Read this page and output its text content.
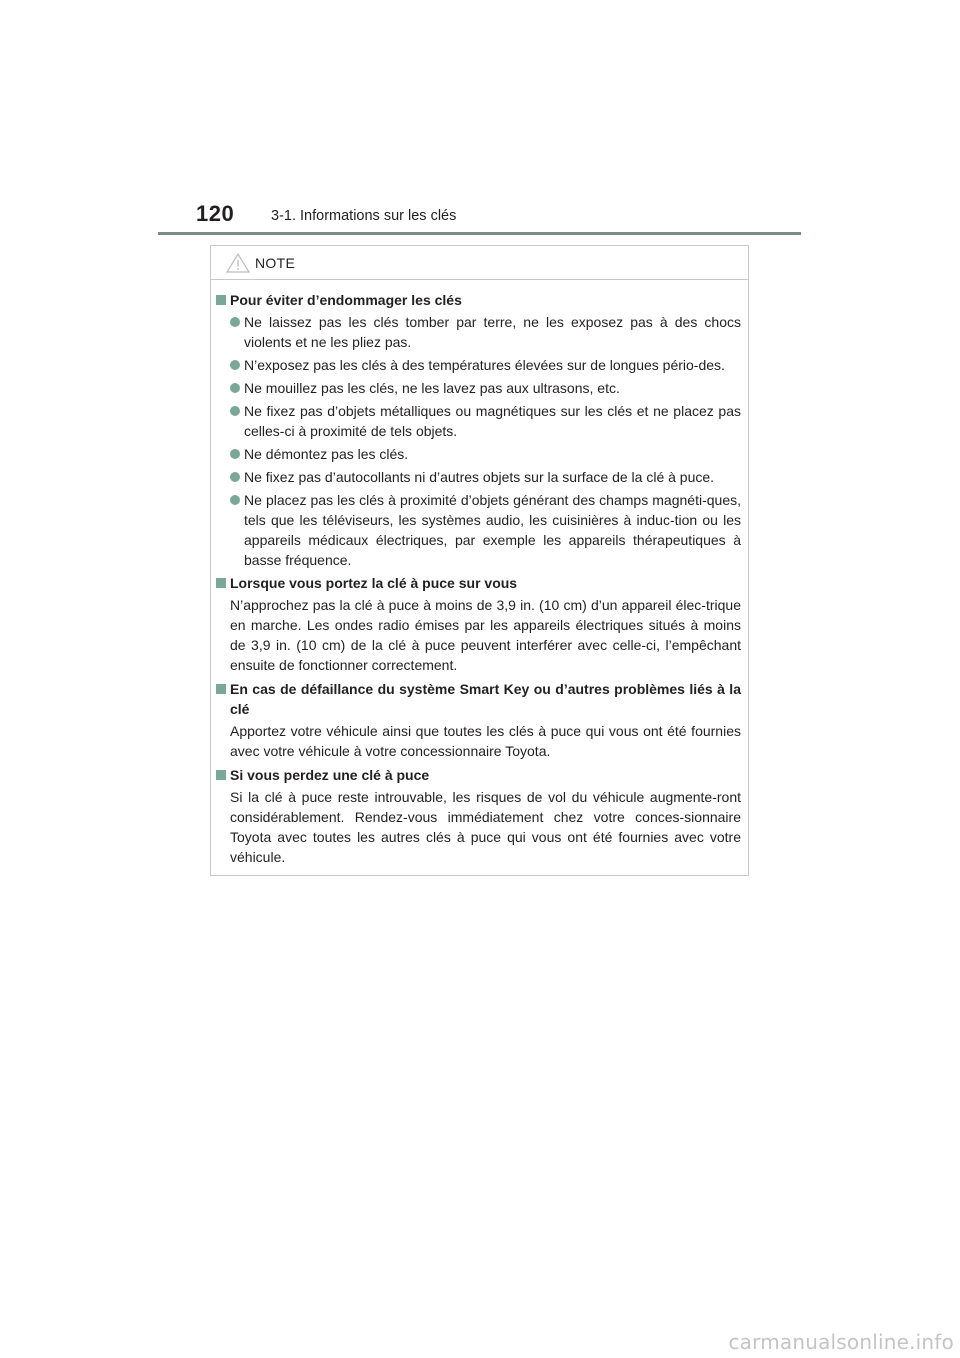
120	3-1. Informations sur les clés
NOTE
Pour éviter d’endommager les clés
Ne laissez pas les clés tomber par terre, ne les exposez pas à des chocs violents et ne les pliez pas.
N’exposez pas les clés à des températures élevées sur de longues pério-des.
Ne mouillez pas les clés, ne les lavez pas aux ultrasons, etc.
Ne fixez pas d’objets métalliques ou magnétiques sur les clés et ne placez pas celles-ci à proximité de tels objets.
Ne démontez pas les clés.
Ne fixez pas d’autocollants ni d’autres objets sur la surface de la clé à puce.
Ne placez pas les clés à proximité d’objets générant des champs magnéti-ques, tels que les téléviseurs, les systèmes audio, les cuisinières à induc-tion ou les appareils médicaux électriques, par exemple les appareils thérapeutiques à basse fréquence.
Lorsque vous portez la clé à puce sur vous
N’approchez pas la clé à puce à moins de 3,9 in. (10 cm) d’un appareil élec-trique en marche. Les ondes radio émises par les appareils électriques situés à moins de 3,9 in. (10 cm) de la clé à puce peuvent interférer avec celle-ci, l’empêchant ensuite de fonctionner correctement.
En cas de défaillance du système Smart Key ou d’autres problèmes liés à la clé
Apportez votre véhicule ainsi que toutes les clés à puce qui vous ont été fournies avec votre véhicule à votre concessionnaire Toyota.
Si vous perdez une clé à puce
Si la clé à puce reste introuvable, les risques de vol du véhicule augmente-ront considérablement. Rendez-vous immédiatement chez votre conces-sionnaire Toyota avec toutes les autres clés à puce qui vous ont été fournies avec votre véhicule.
carmanualsonline.info
